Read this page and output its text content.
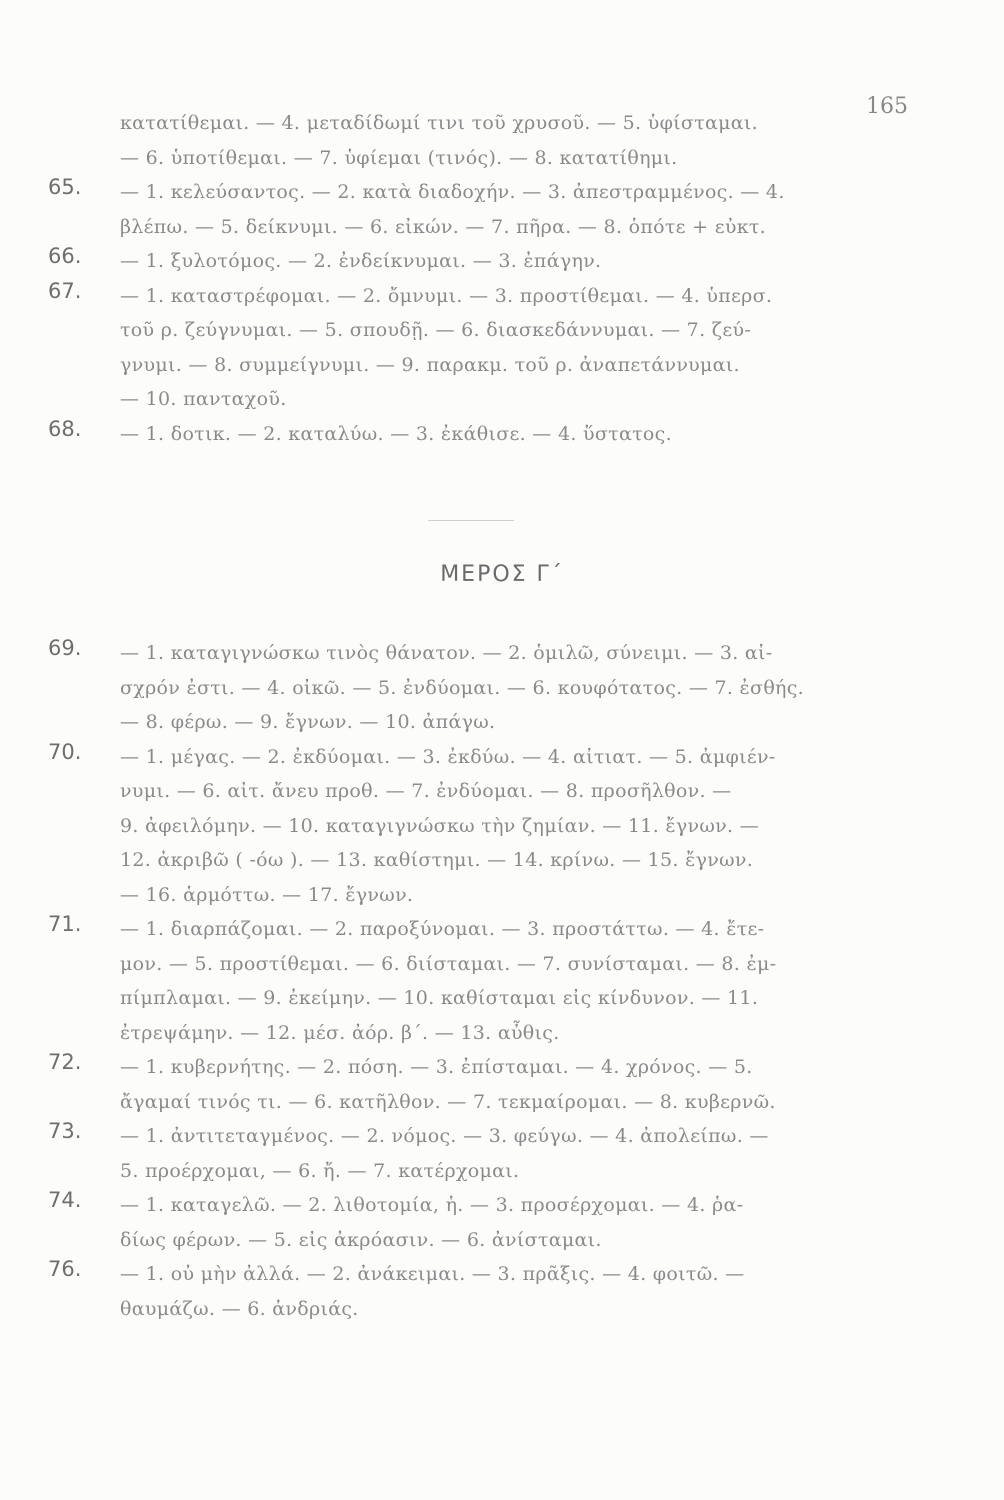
165
κατατίθεμαι. — 4. μεταδίδωμί τινι τοῦ χρυσοῦ. — 5. ὑφίσταμαι.
— 6. ὑποτίθεμαι. — 7. ὑφίεμαι (τινός). — 8. κατατίθημι.
65. — 1. κελεύσαντος. — 2. κατὰ διαδοχήν. — 3. ἀπεστραμμένος. — 4.
βλέπω. — 5. δείκνυμι. — 6. εἰκών. — 7. πῆρα. — 8. ὁπότε + εὐκτ.
66. — 1. ξυλοτόμος. — 2. ἐνδείκνυμαι. — 3. ἐπάγην.
67. — 1. καταστρέφομαι. — 2. ὄμνυμι. — 3. προστίθεμαι. — 4. ὑπερσ.
τοῦ ρ. ζεύγνυμαι. — 5. σπουδῇ. — 6. διασκεδάννυμαι. — 7. ζεύ-
γνυμι. — 8. συμμείγνυμι. — 9. παρακμ. τοῦ ρ. ἀναπετάννυμαι.
— 10. πανταχοῦ.
68. — 1. δοτικ. — 2. καταλύω. — 3. ἐκάθισε. — 4. ὕστατος.
ΜΕΡΟΣ Γ΄
69. — 1. καταγιγνώσκω τινὸς θάνατον. — 2. ὁμιλῶ, σύνειμι. — 3. αἰ-
σχρόν ἐστι. — 4. οἰκῶ. — 5. ἐνδύομαι. — 6. κουφότατος. — 7. ἐσθής.
— 8. φέρω. — 9. ἔγνων. — 10. ἀπάγω.
70. — 1. μέγας. — 2. ἐκδύομαι. — 3. ἐκδύω. — 4. αἰτιατ. — 5. ἀμφιέν-
νυμι. — 6. αἰτ. ἄνευ προθ. — 7. ἐνδύομαι. — 8. προσῆλθον. —
9. ἀφειλόμην. — 10. καταγιγνώσκω τὴν ζημίαν. — 11. ἔγνων. —
12. ἀκριβῶ ( -όω ). — 13. καθίστημι. — 14. κρίνω. — 15. ἔγνων.
— 16. ἁρμόττω. — 17. ἔγνων.
71. — 1. διαρπάζομαι. — 2. παροξύνομαι. — 3. προστάττω. — 4. ἔτε-
μον. — 5. προστίθεμαι. — 6. διίσταμαι. — 7. συνίσταμαι. — 8. ἐμ-
πίμπλαμαι. — 9. ἐκείμην. — 10. καθίσταμαι εἰς κίνδυνον. — 11.
ἐτρεψάμην. — 12. μέσ. ἀόρ. β΄. — 13. αὖθις.
72. — 1. κυβερνήτης. — 2. πόση. — 3. ἐπίσταμαι. — 4. χρόνος. — 5.
ἄγαμαί τινός τι. — 6. κατῆλθον. — 7. τεκμαίρομαι. — 8. κυβερνῶ.
73. — 1. ἀντιτεταγμένος. — 2. νόμος. — 3. φεύγω. — 4. ἀπολείπω. —
5. προέρχομαι, — 6. ἤ. — 7. κατέρχομαι.
74. — 1. καταγελῶ. — 2. λιθοτομία, ἡ. — 3. προσέρχομαι. — 4. ῥα-
δίως φέρων. — 5. εἰς ἀκρόασιν. — 6. ἀνίσταμαι.
76. — 1. οὐ μὴν ἀλλά. — 2. ἀνάκειμαι. — 3. πρᾶξις. — 4. φοιτῶ. —
θαυμάζω. — 6. ἀνδριάς.
